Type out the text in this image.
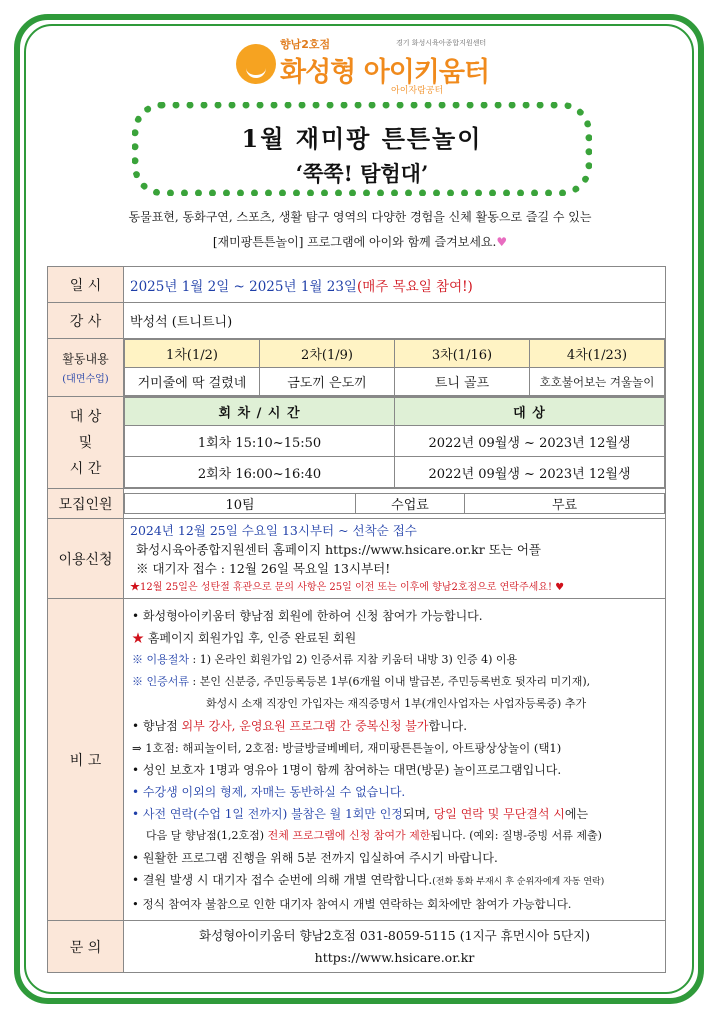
향남2호점	경기 화성시육아종합지원센터
화성형 아이키움터
아이자람공터
1월 재미팡 튼튼놀이
‘쭉쭉! 탐험대’
동물표현, 동화구연, 스포츠, 생활 탐구 영역의 다양한 경험을 신체 활동으로 즐길 수 있는
[재미팡튼튼놀이] 프로그램에 아이와 함께 즐겨보세요.♥
일 시	2025년 1월 2일 ~ 2025년 1월 23일(매주 목요일 참여!)
강 사	박성석 (트니트니)
활동내용
(대면수업)

1차(1/2)	2차(1/9)	3차(1/16)	4차(1/23)
거미줄에 딱 걸렸네	금도끼 은도끼	트니 골프	호호불어보는 겨울놀이

대 상
및
시 간

회 차 / 시 간	대 상
1회차 15:10~15:50	2022년 09월생 ~ 2023년 12월생
2회차 16:00~16:40	2022년 09월생 ~ 2023년 12월생

모집인원		10팀	수업료	무료

이용신청	
2024년 12월 25일 수요일 13시부터 ~ 선착순 접수
화성시육아종합지원센터 홈페이지 https://www.hsicare.or.kr 또는 어플
※ 대기자 접수 : 12월 26일 목요일 13시부터!
★12월 25일은 성탄절 휴관으로 문의 사항은 25일 이전 또는 이후에 향남2호점으로 연락주세요! ♥

비 고	
• 화성형아이키움터 향남점 회원에 한하여 신청 참여가 가능합니다.
★ 홈페이지 회원가입 후, 인증 완료된 회원
※ 이용절차 : 1) 온라인 회원가입 2) 인증서류 지참 키움터 내방 3) 인증 4) 이용
※ 인증서류 : 본인 신분증, 주민등록등본 1부(6개월 이내 발급본, 주민등록번호 뒷자리 미기재),
화성시 소재 직장인 가입자는 재직증명서 1부(개인사업자는 사업자등록증) 추가
• 향남점 외부 강사, 운영요원 프로그램 간 중복신청 불가합니다.
⇒ 1호점: 해피놀이터, 2호점: 방글방글베베터, 재미팡튼튼놀이, 아트팡상상놀이 (택1)
• 성인 보호자 1명과 영유아 1명이 함께 참여하는 대면(방문) 놀이프로그램입니다.
• 수강생 이외의 형제, 자매는 동반하실 수 없습니다.
• 사전 연락(수업 1일 전까지) 불참은 월 1회만 인정되며, 당일 연락 및 무단결석 시에는
다음 달 향남점(1,2호점) 전체 프로그램에 신청 참여가 제한됩니다. (예외: 질병-증빙 서류 제출)
• 원활한 프로그램 진행을 위해 5분 전까지 입실하여 주시기 바랍니다.
• 결원 발생 시 대기자 접수 순번에 의해 개별 연락합니다.(전화 통화 부재시 후 순위자에게 자동 연락)
• 정식 참여자 불참으로 인한 대기자 참여시 개별 연락하는 회차에만 참여가 가능합니다.

문 의	
화성형아이키움터 향남2호점 031-8059-5115 (1지구 휴먼시아 5단지)
https://www.hsicare.or.kr
